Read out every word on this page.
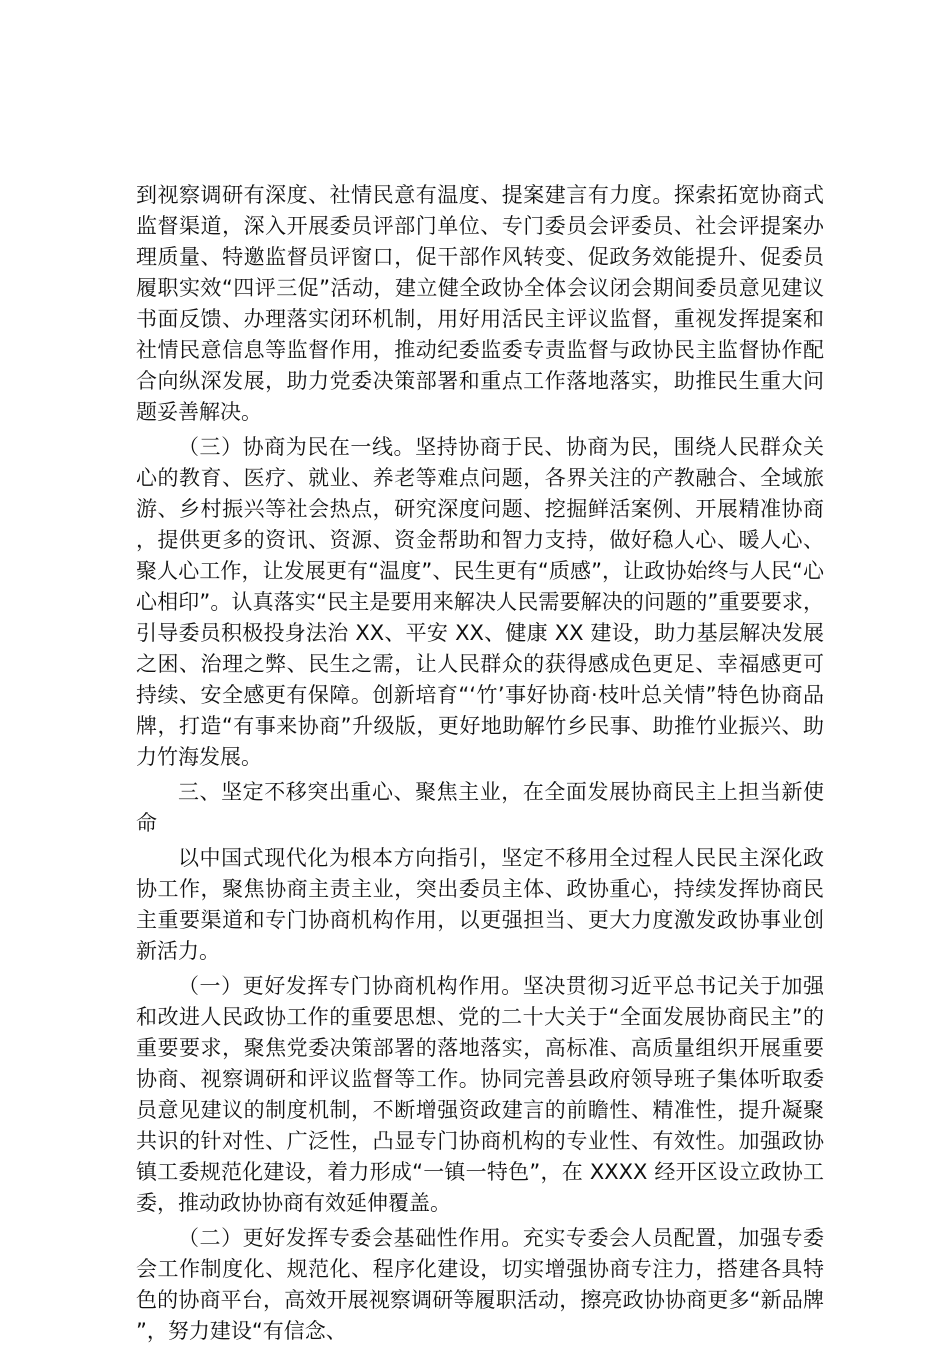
到视察调研有深度、社情民意有温度、提案建言有力度。探索拓宽协商式监督渠道，深入开展委员评部门单位、专门委员会评委员、社会评提案办理质量、特邀监督员评窗口，促干部作风转变、促政务效能提升、促委员履职实效“四评三促”活动，建立健全政协全体会议闭会期间委员意见建议书面反馈、办理落实闭环机制，用好用活民主评议监督，重视发挥提案和社情民意信息等监督作用，推动纪委监委专责监督与政协民主监督协作配合向纵深发展，助力党委决策部署和重点工作落地落实，助推民生重大问题妥善解决。

（三）协商为民在一线。坚持协商于民、协商为民，围绕人民群众关心的教育、医疗、就业、养老等难点问题，各界关注的产教融合、全域旅游、乡村振兴等社会热点，研究深度问题、挖掘鲜活案例、开展精准协商，提供更多的资讯、资源、资金帮助和智力支持，做好稳人心、暖人心、聚人心工作，让发展更有“温度”、民生更有“质感”，让政协始终与人民“心心相印”。认真落实“民主是要用来解决人民需要解决的问题的”重要要求，引导委员积极投身法治 XX、平安 XX、健康 XX 建设，助力基层解决发展之困、治理之弊、民生之需，让人民群众的获得感成色更足、幸福感更可持续、安全感更有保障。创新培育“‘竹’事好协商·枝叶总关情”特色协商品牌，打造“有事来协商”升级版，更好地助解竹乡民事、助推竹业振兴、助力竹海发展。

三、坚定不移突出重心、聚焦主业，在全面发展协商民主上担当新使命

以中国式现代化为根本方向指引，坚定不移用全过程人民民主深化政协工作，聚焦协商主责主业，突出委员主体、政协重心，持续发挥协商民主重要渠道和专门协商机构作用，以更强担当、更大力度激发政协事业创新活力。

（一）更好发挥专门协商机构作用。坚决贯彻习近平总书记关于加强和改进人民政协工作的重要思想、党的二十大关于“全面发展协商民主”的重要要求，聚焦党委决策部署的落地落实，高标准、高质量组织开展重要协商、视察调研和评议监督等工作。协同完善县政府领导班子集体听取委员意见建议的制度机制，不断增强资政建言的前瞻性、精准性，提升凝聚共识的针对性、广泛性，凸显专门协商机构的专业性、有效性。加强政协镇工委规范化建设，着力形成“一镇一特色”，在 XXXX 经开区设立政协工委，推动政协协商有效延伸覆盖。

（二）更好发挥专委会基础性作用。充实专委会人员配置，加强专委会工作制度化、规范化、程序化建设，切实增强协商专注力，搭建各具特色的协商平台，高效开展视察调研等履职活动，擦亮政协协商更多“新品牌”，努力建设“有信念、
